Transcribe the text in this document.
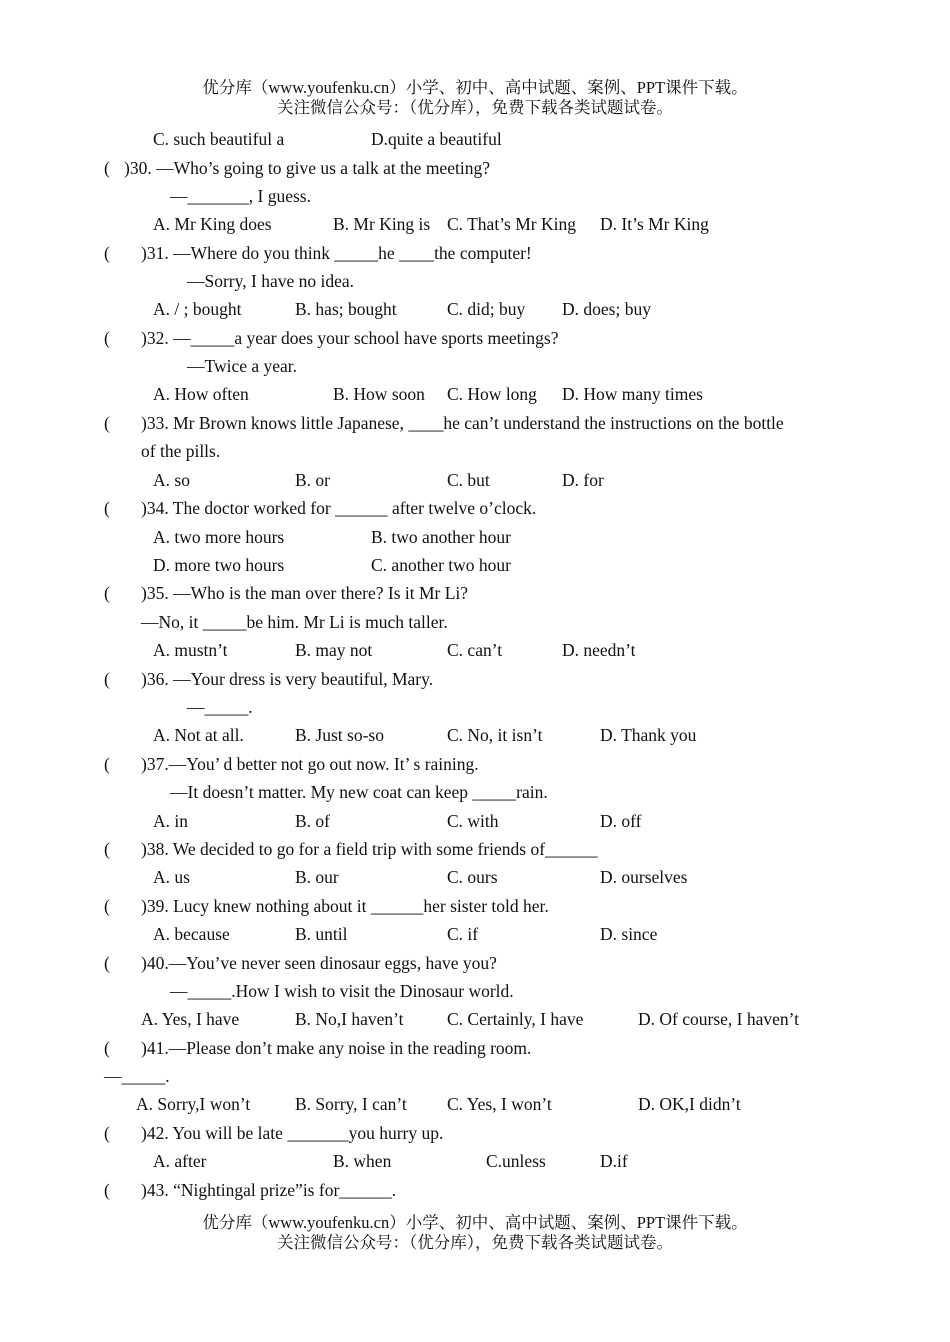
优分库（www.youfenku.cn）小学、初中、高中试题、案例、PPT课件下载。
关注微信公众号：（优分库），免费下载各类试题试卷。
C. such beautiful a	D.quite a beautiful
( )30. —Who’s going to give us a talk at the meeting?
—_______, I guess.
A. Mr King does	B. Mr King is C. That’s Mr King D. It’s Mr King
( )31. —Where do you think _____he ____the computer!
—Sorry, I have no idea.
A. / ; bought	B. has; bought	C. did; buy D. does; buy
( )32. —_____a year does your school have sports meetings?
—Twice a year.
A. How often	B. How soon C. How long D. How many times
( )33. Mr Brown knows little Japanese, ____he can’t understand the instructions on the bottle
of the pills.
A. so	B. or	C. but	D. for
( )34. The doctor worked for ______ after twelve o’clock.
A. two more hours	B. two another hour
D. more two hours	C. another two hour
( )35. —Who is the man over there? Is it Mr Li?
—No, it _____be him. Mr Li is much taller.
A. mustn’t	B. may not	C. can’t	D. needn’t
( )36. —Your dress is very beautiful, Mary.
—_____.
A. Not at all.	B. Just so-so	C. No, it isn’t	D. Thank you
( )37.—You’ d better not go out now. It’ s raining.
—It doesn’t matter. My new coat can keep _____rain.
A. in	B. of	C. with	D. off
( )38. We decided to go for a field trip with some friends of______
A. us	B. our	C. ours	D. ourselves
( )39. Lucy knew nothing about it ______her sister told her.
A. because	B. until	C. if	D. since
( )40.—You’ve never seen dinosaur eggs, have you?
—_____.How I wish to visit the Dinosaur world.
A. Yes, I have	B. No,I haven’t C. Certainly, I have	D. Of course, I haven’t
( )41.—Please don’t make any noise in the reading room.
—_____.
A. Sorry,I won’t	B. Sorry, I can’t C. Yes, I won’t	D. OK,I didn’t
( )42. You will be late _______you hurry up.
A. after	B. when	C.unless	D.if
( )43. “Nightingal prize”is for______.
优分库（www.youfenku.cn）小学、初中、高中试题、案例、PPT课件下载。
关注微信公众号：（优分库），免费下载各类试题试卷。
